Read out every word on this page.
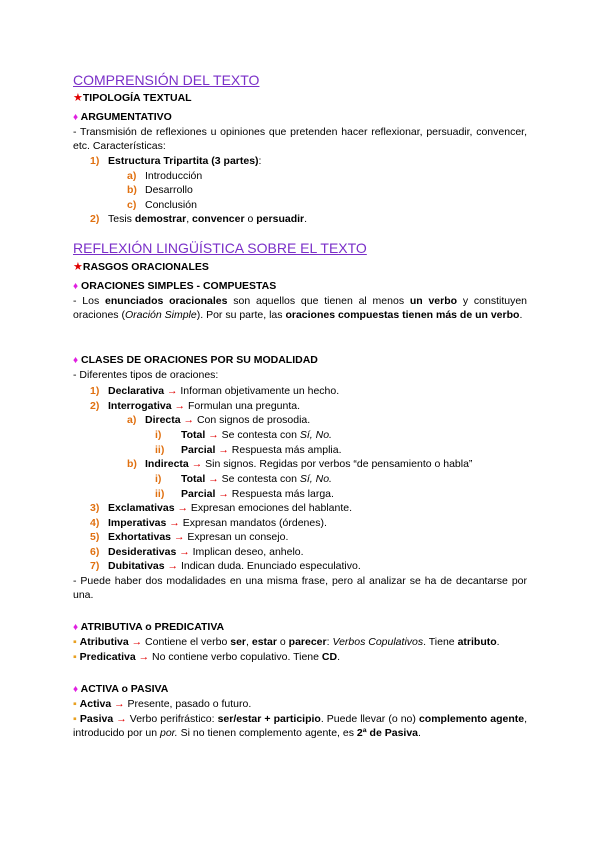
COMPRENSIÓN DEL TEXTO
★TIPOLOGÍA TEXTUAL
♦ ARGUMENTATIVO
- Transmisión de reflexiones u opiniones que pretenden hacer reflexionar, persuadir, convencer, etc. Características:
1) Estructura Tripartita (3 partes):
a) Introducción
b) Desarrollo
c) Conclusión
2) Tesis demostrar, convencer o persuadir.
REFLEXIÓN LINGÜÍSTICA SOBRE EL TEXTO
★RASGOS ORACIONALES
♦ ORACIONES SIMPLES - COMPUESTAS
- Los enunciados oracionales son aquellos que tienen al menos un verbo y constituyen oraciones (Oración Simple). Por su parte, las oraciones compuestas tienen más de un verbo.
♦ CLASES DE ORACIONES POR SU MODALIDAD
- Diferentes tipos de oraciones:
1) Declarativa → Informan objetivamente un hecho.
2) Interrogativa → Formulan una pregunta.
a) Directa → Con signos de prosodia.
i) Total → Se contesta con Sí, No.
ii) Parcial → Respuesta más amplia.
b) Indirecta → Sin signos. Regidas por verbos “de pensamiento o habla”
i) Total → Se contesta con Sí, No.
ii) Parcial → Respuesta más larga.
3) Exclamativas → Expresan emociones del hablante.
4) Imperativas → Expresan mandatos (órdenes).
5) Exhortativas → Expresan un consejo.
6) Desiderativas → Implican deseo, anhelo.
7) Dubitativas → Indican duda. Enunciado especulativo.
- Puede haber dos modalidades en una misma frase, pero al analizar se ha de decantarse por una.
♦ ATRIBUTIVA o PREDICATIVA
▪ Atributiva → Contiene el verbo ser, estar o parecer: Verbos Copulativos. Tiene atributo.
▪ Predicativa → No contiene verbo copulativo. Tiene CD.
♦ ACTIVA o PASIVA
▪ Activa → Presente, pasado o futuro.
▪ Pasiva → Verbo perifrástico: ser/estar + participio. Puede llevar (o no) complemento agente, introducido por un por. Si no tienen complemento agente, es 2ª de Pasiva.
